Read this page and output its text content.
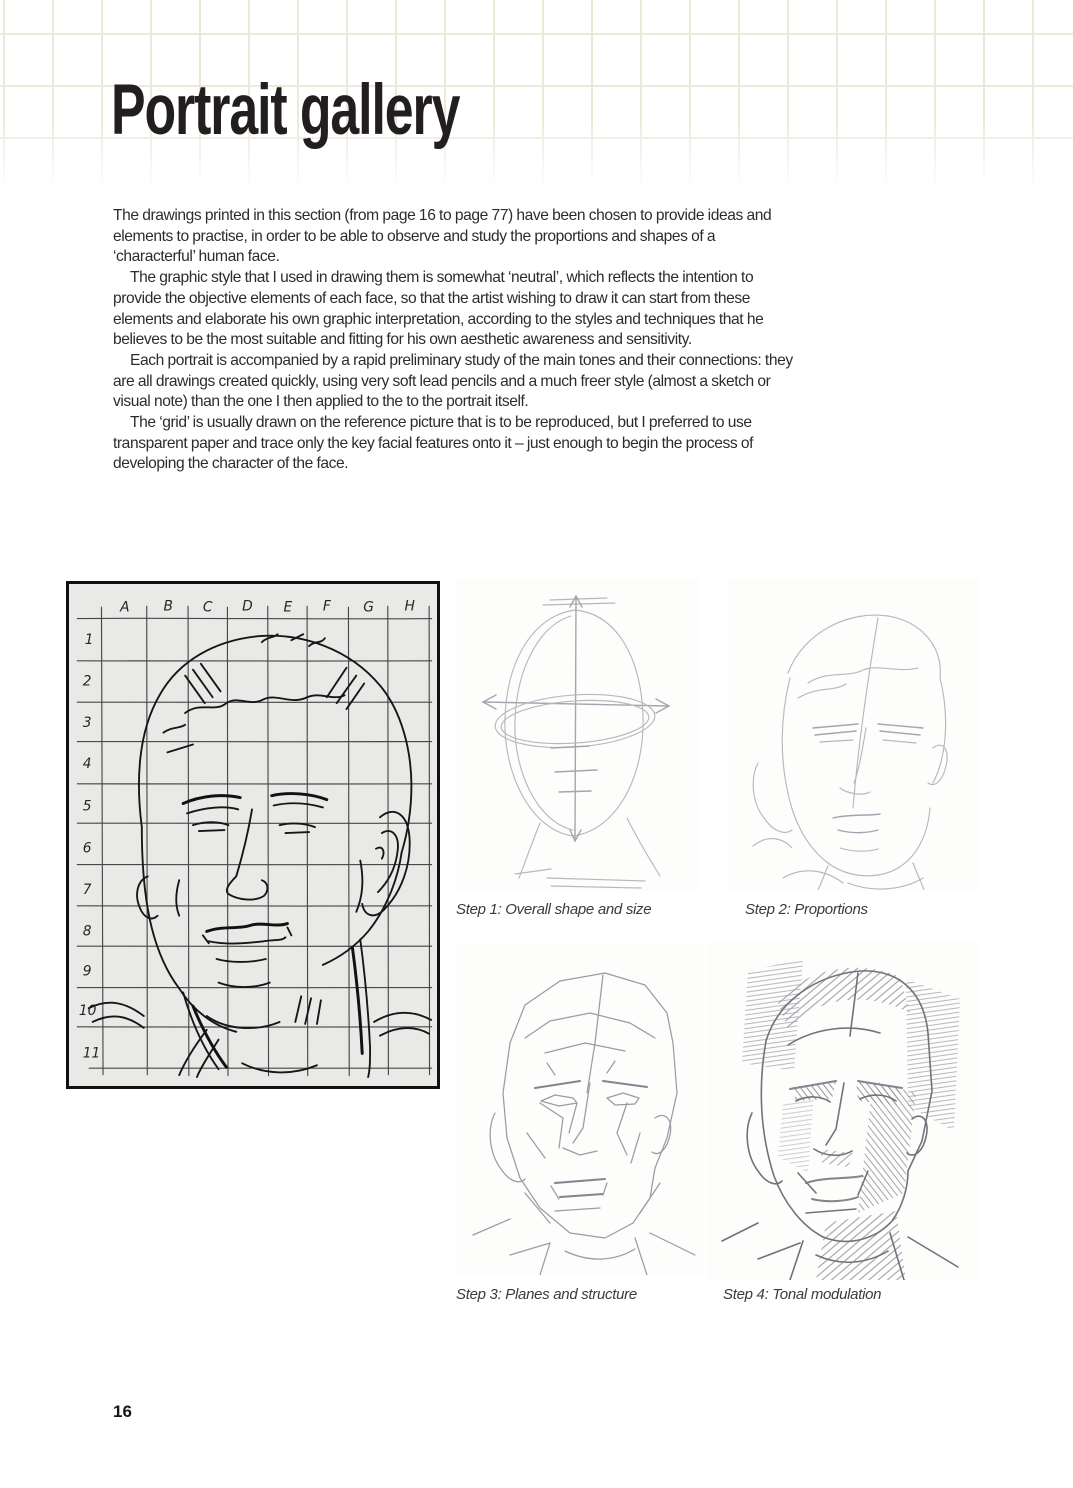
Portrait gallery

The drawings printed in this section (from page 16 to page 77) have been chosen to provide ideas and elements to practise, in order to be able to observe and study the proportions and shapes of a ‘characterful’ human face.

The graphic style that I used in drawing them is somewhat ‘neutral’, which reflects the intention to provide the objective elements of each face, so that the artist wishing to draw it can start from these elements and elaborate his own graphic interpretation, according to the styles and techniques that he believes to be the most suitable and fitting for his own aesthetic awareness and sensitivity.

Each portrait is accompanied by a rapid preliminary study of the main tones and their connections: they are all drawings created quickly, using very soft lead pencils and a much freer style (almost a sketch or visual note) than the one I then applied to the to the portrait itself.

The ‘grid’ is usually drawn on the reference picture that is to be reproduced, but I preferred to use transparent paper and trace only the key facial features onto it – just enough to begin the process of developing the character of the face.

A B C D E F G H
1
2
3
4
5
6
7
8
9
10
11
Step 1: Overall shape and size	Step 2: Proportions
Step 3: Planes and structure	Step 4: Tonal modulation
16
